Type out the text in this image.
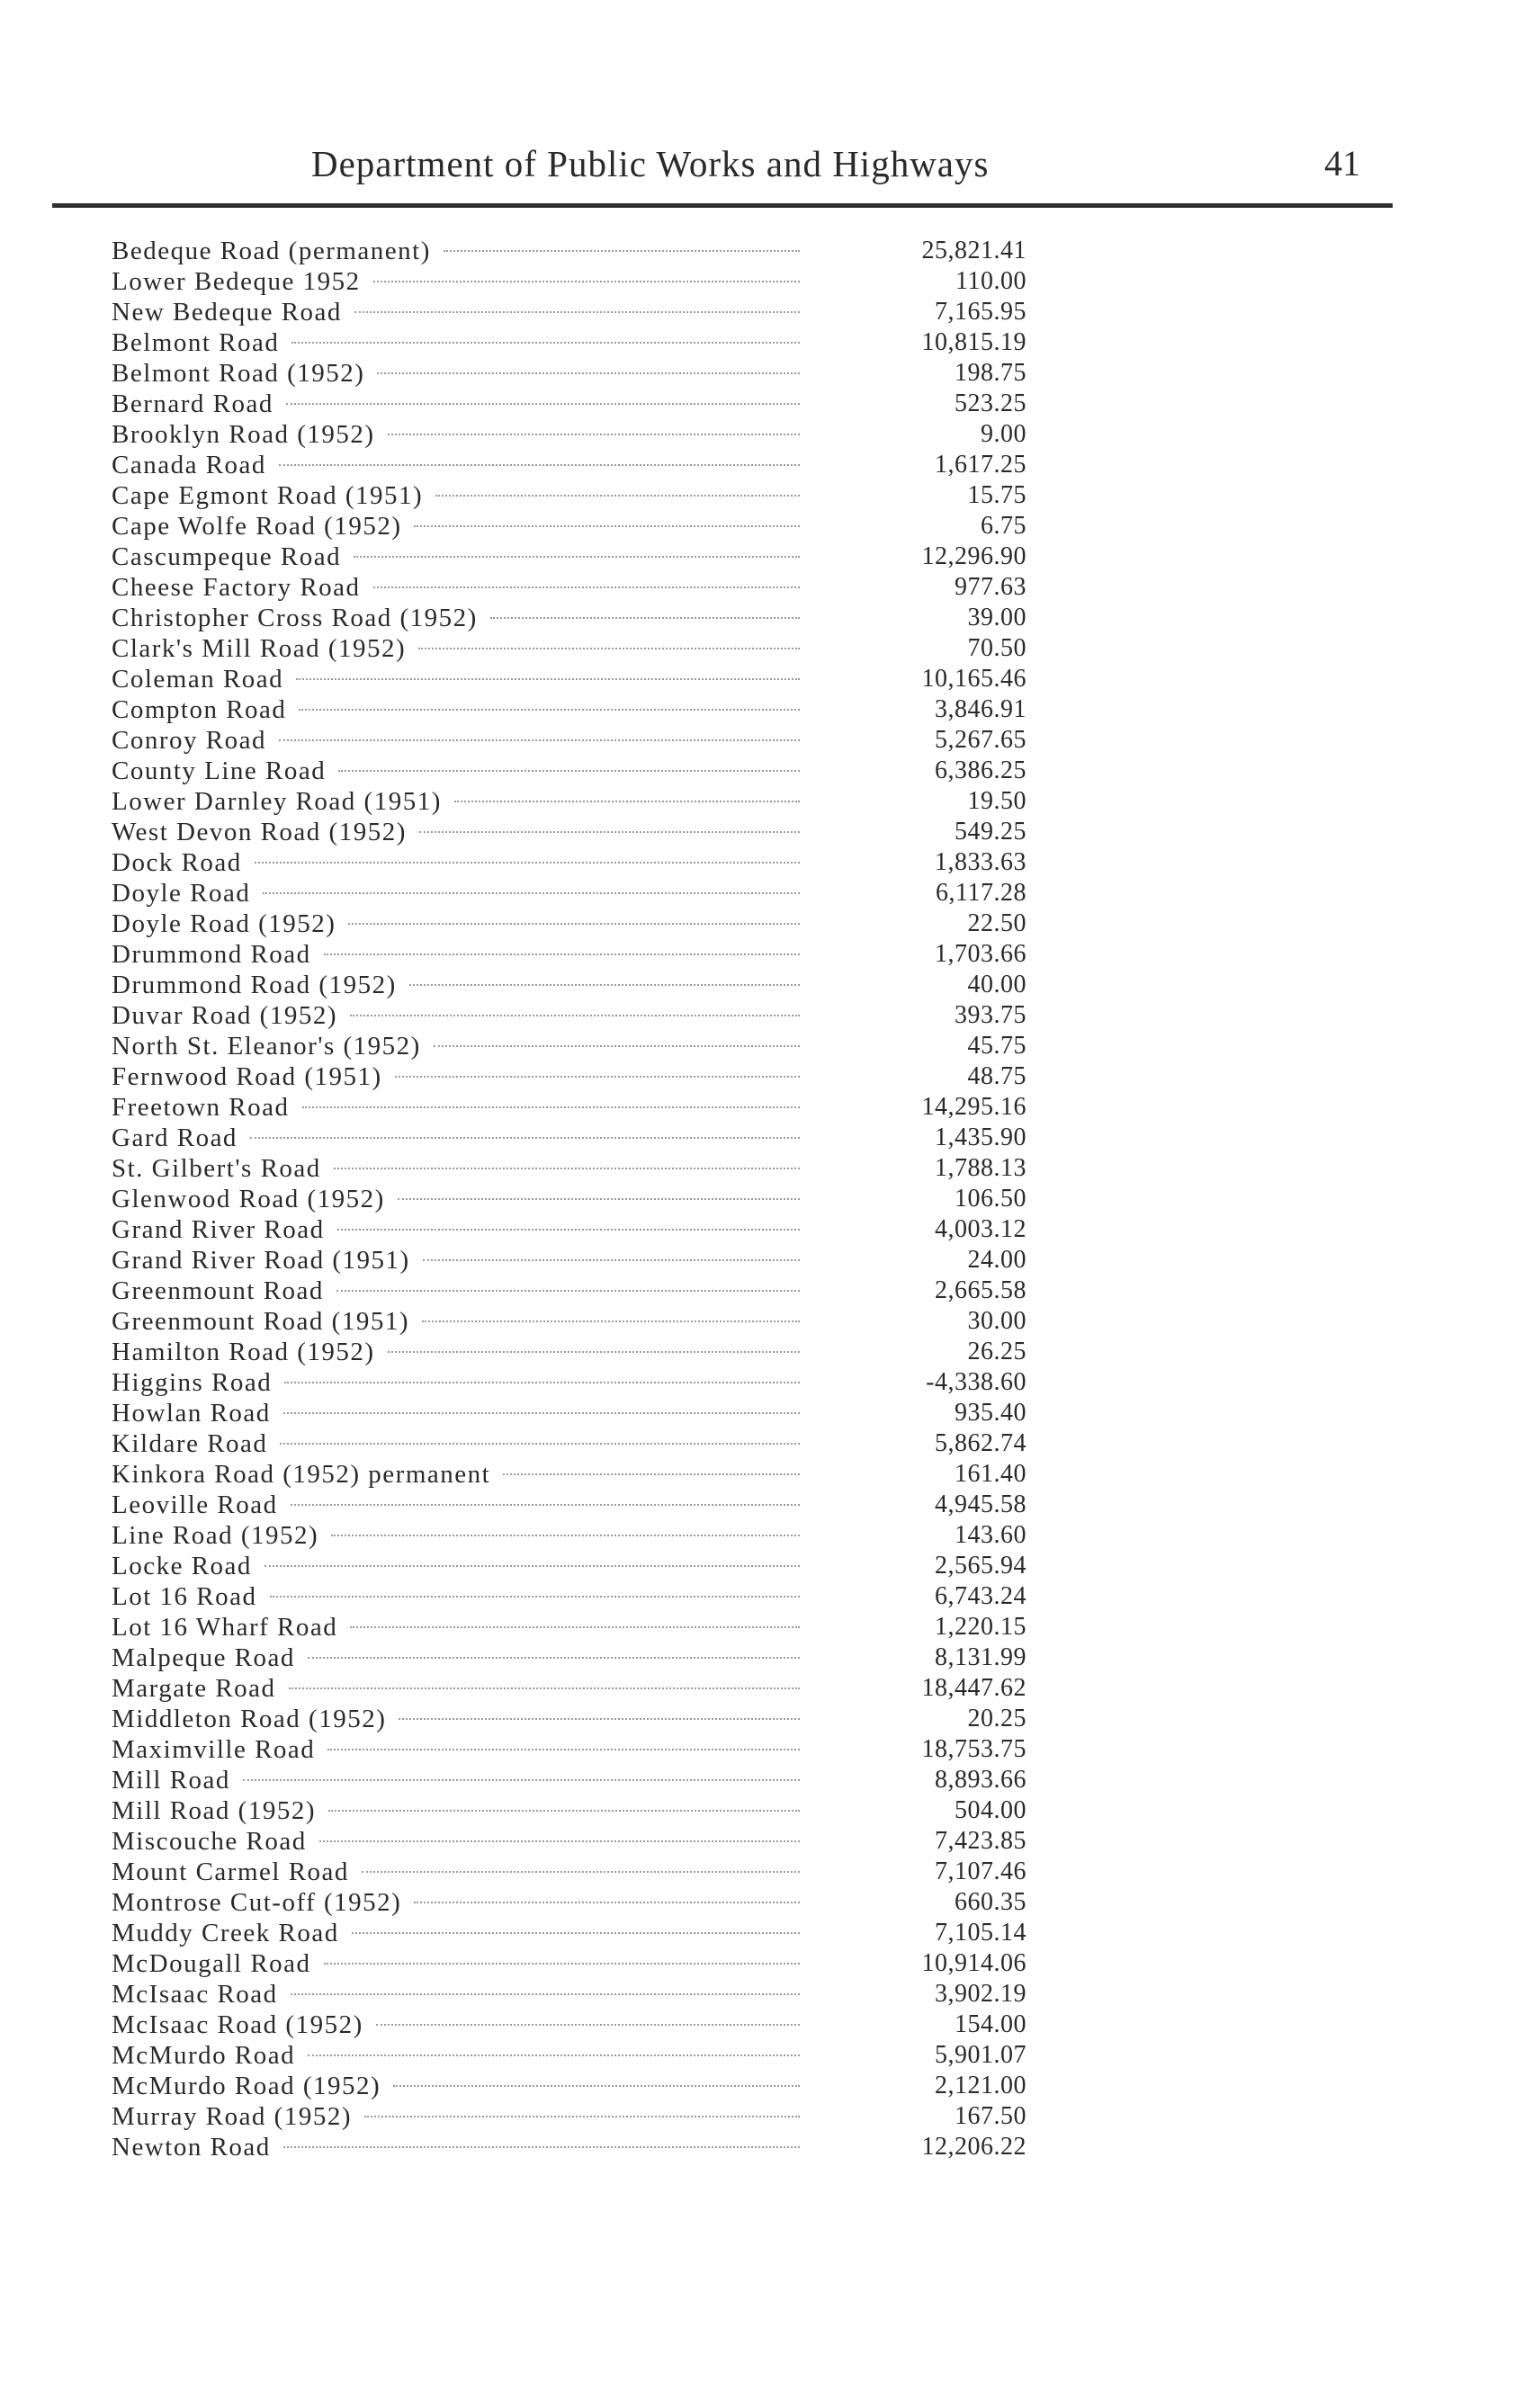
Department of Public Works and Highways	41
Bedeque Road (permanent)	25,821.41
Lower Bedeque 1952	110.00
New Bedeque Road	7,165.95
Belmont Road	10,815.19
Belmont Road (1952)	198.75
Bernard Road	523.25
Brooklyn Road (1952)	9.00
Canada Road	1,617.25
Cape Egmont Road (1951)	15.75
Cape Wolfe Road (1952)	6.75
Cascumpeque Road	12,296.90
Cheese Factory Road	977.63
Christopher Cross Road (1952)	39.00
Clark's Mill Road (1952)	70.50
Coleman Road	10,165.46
Compton Road	3,846.91
Conroy Road	5,267.65
County Line Road	6,386.25
Lower Darnley Road (1951)	19.50
West Devon Road (1952)	549.25
Dock Road	1,833.63
Doyle Road	6,117.28
Doyle Road (1952)	22.50
Drummond Road	1,703.66
Drummond Road (1952)	40.00
Duvar Road (1952)	393.75
North St. Eleanor's (1952)	45.75
Fernwood Road (1951)	48.75
Freetown Road	14,295.16
Gard Road	1,435.90
St. Gilbert's Road	1,788.13
Glenwood Road (1952)	106.50
Grand River Road	4,003.12
Grand River Road (1951)	24.00
Greenmount Road	2,665.58
Greenmount Road (1951)	30.00
Hamilton Road (1952)	26.25
Higgins Road	-4,338.60
Howlan Road	935.40
Kildare Road	5,862.74
Kinkora Road (1952) permanent	161.40
Leoville Road	4,945.58
Line Road (1952)	143.60
Locke Road	2,565.94
Lot 16 Road	6,743.24
Lot 16 Wharf Road	1,220.15
Malpeque Road	8,131.99
Margate Road	18,447.62
Middleton Road (1952)	20.25
Maximville Road	18,753.75
Mill Road	8,893.66
Mill Road (1952)	504.00
Miscouche Road	7,423.85
Mount Carmel Road	7,107.46
Montrose Cut-off (1952)	660.35
Muddy Creek Road	7,105.14
McDougall Road	10,914.06
McIsaac Road	3,902.19
McIsaac Road (1952)	154.00
McMurdo Road	5,901.07
McMurdo Road (1952)	2,121.00
Murray Road (1952)	167.50
Newton Road	12,206.22
